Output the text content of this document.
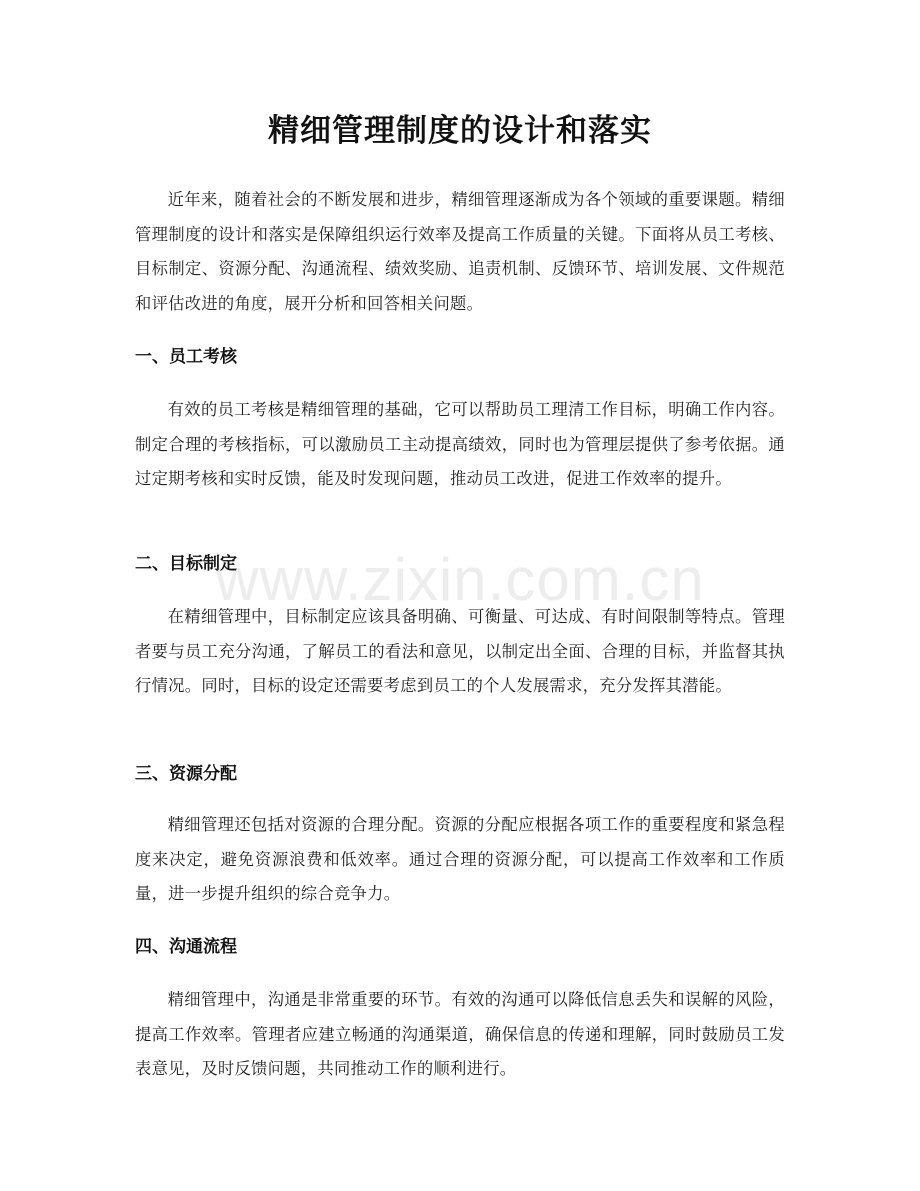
精细管理制度的设计和落实

近年来，随着社会的不断发展和进步，精细管理逐渐成为各个领域的重要课题。精细管理制度的设计和落实是保障组织运行效率及提高工作质量的关键。下面将从员工考核、目标制定、资源分配、沟通流程、绩效奖励、追责机制、反馈环节、培训发展、文件规范和评估改进的角度，展开分析和回答相关问题。

一、员工考核

有效的员工考核是精细管理的基础，它可以帮助员工理清工作目标，明确工作内容。制定合理的考核指标，可以激励员工主动提高绩效，同时也为管理层提供了参考依据。通过定期考核和实时反馈，能及时发现问题，推动员工改进，促进工作效率的提升。

二、目标制定

在精细管理中，目标制定应该具备明确、可衡量、可达成、有时间限制等特点。管理者要与员工充分沟通，了解员工的看法和意见，以制定出全面、合理的目标，并监督其执行情况。同时，目标的设定还需要考虑到员工的个人发展需求，充分发挥其潜能。

三、资源分配

精细管理还包括对资源的合理分配。资源的分配应根据各项工作的重要程度和紧急程度来决定，避免资源浪费和低效率。通过合理的资源分配，可以提高工作效率和工作质量，进一步提升组织的综合竞争力。

四、沟通流程

精细管理中，沟通是非常重要的环节。有效的沟通可以降低信息丢失和误解的风险，提高工作效率。管理者应建立畅通的沟通渠道，确保信息的传递和理解，同时鼓励员工发表意见，及时反馈问题，共同推动工作的顺利进行。

www.zixin.com.cn
